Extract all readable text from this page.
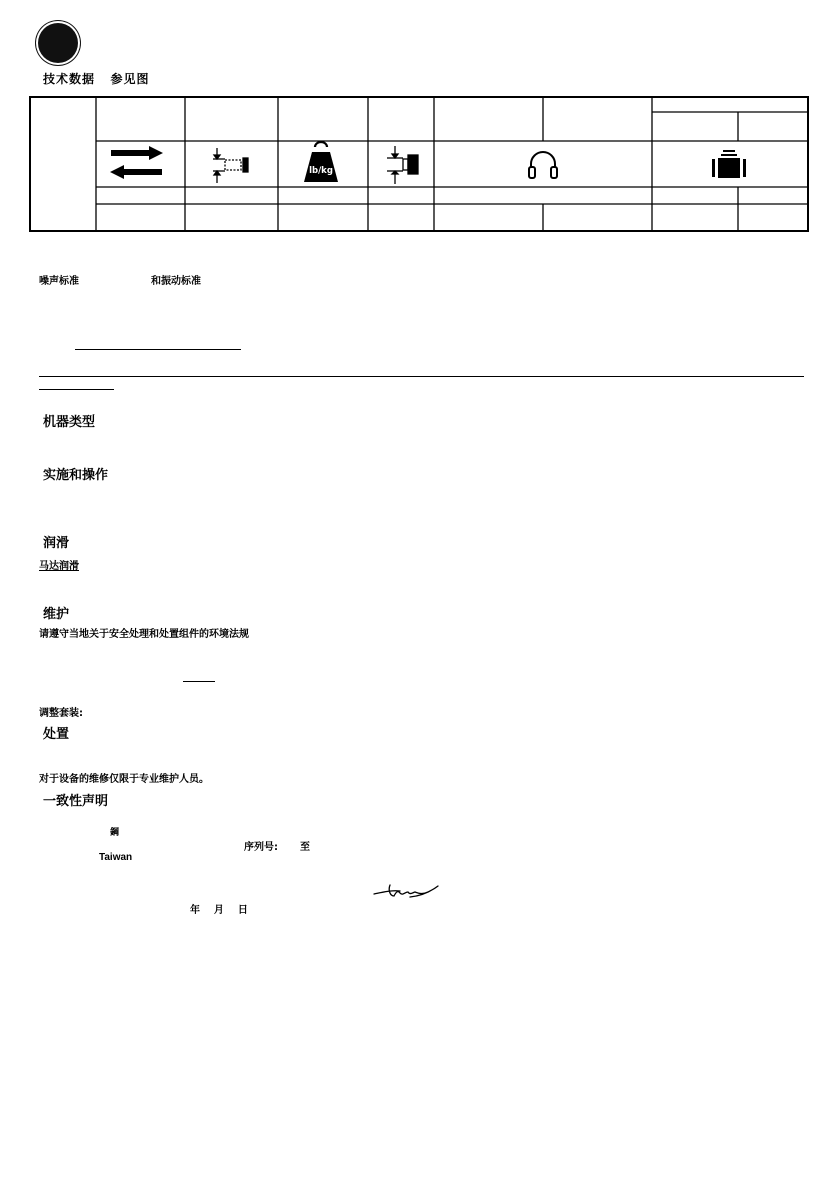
技术数据   参见图
lb/kg
噪声标准	和振动标准
机器类型
实施和操作
润滑
马达润滑
维护
请遵守当地关于安全处理和处置组件的环境法规
调整套装:
处置
对于设备的维修仅限于专业维护人员。
一致性声明
鋼
序列号: 至
Taiwan
年    月    日
